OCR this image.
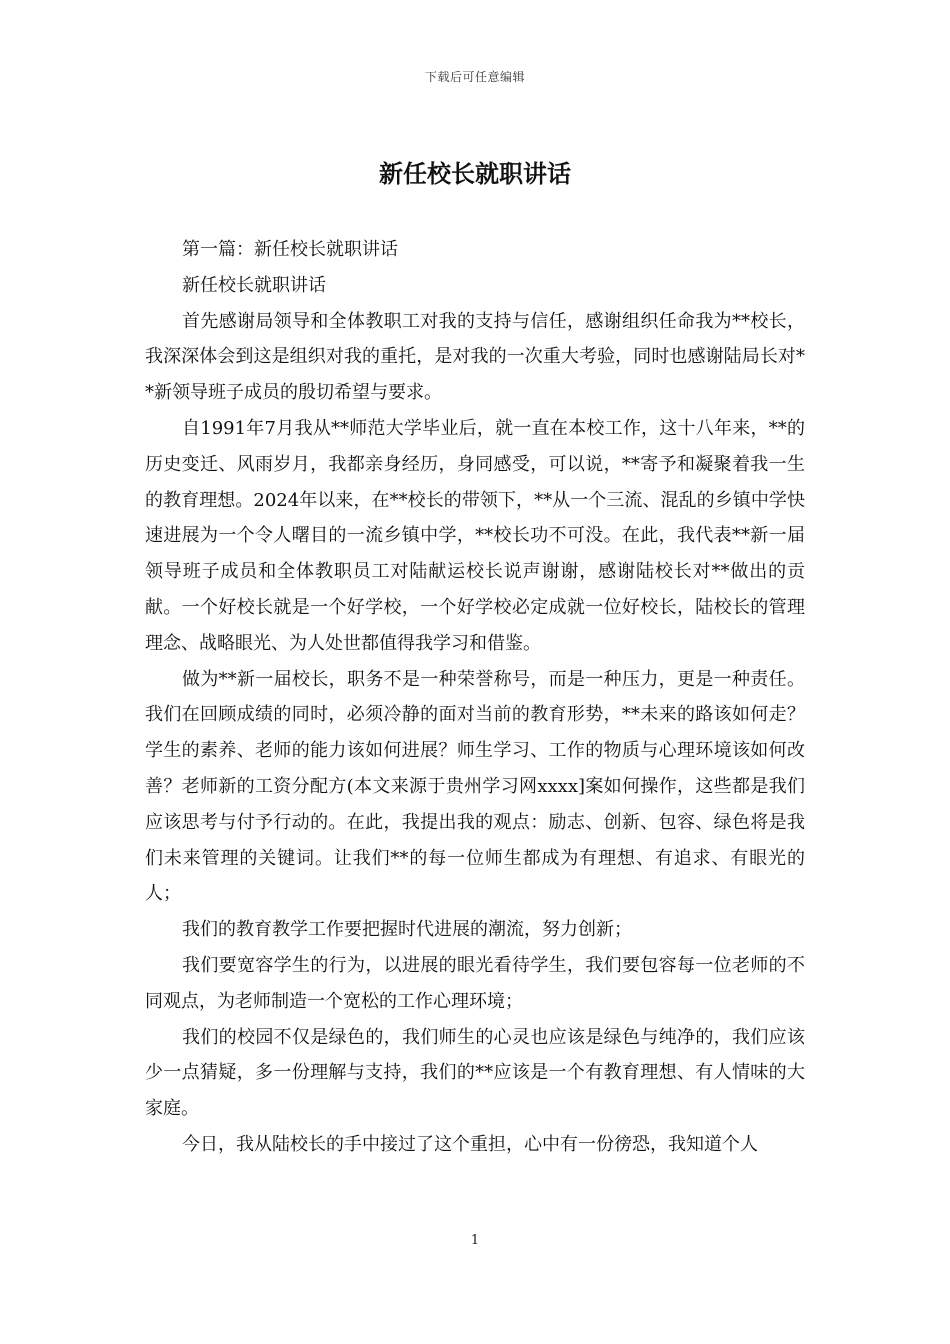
下载后可任意编辑
新任校长就职讲话

第一篇：新任校长就职讲话

新任校长就职讲话

首先感谢局领导和全体教职工对我的支持与信任，感谢组织任命我为**校长，我深深体会到这是组织对我的重托，是对我的一次重大考验，同时也感谢陆局长对**新领导班子成员的殷切希望与要求。

自1991年7月我从**师范大学毕业后，就一直在本校工作，这十八年来，**的历史变迁、风雨岁月，我都亲身经历，身同感受，可以说，**寄予和凝聚着我一生的教育理想。2024年以来，在**校长的带领下，**从一个三流、混乱的乡镇中学快速进展为一个令人曙目的一流乡镇中学，**校长功不可没。在此，我代表**新一届领导班子成员和全体教职员工对陆献运校长说声谢谢，感谢陆校长对**做出的贡献。一个好校长就是一个好学校，一个好学校必定成就一位好校长，陆校长的管理理念、战略眼光、为人处世都值得我学习和借鉴。

做为**新一届校长，职务不是一种荣誉称号，而是一种压力，更是一种责任。我们在回顾成绩的同时，必须冷静的面对当前的教育形势，**未来的路该如何走？学生的素养、老师的能力该如何进展？师生学习、工作的物质与心理环境该如何改善？老师新的工资分配方(本文来源于贵州学习网xxxx]案如何操作，这些都是我们应该思考与付予行动的。在此，我提出我的观点：励志、创新、包容、绿色将是我们未来管理的关键词。让我们**的每一位师生都成为有理想、有追求、有眼光的人；

我们的教育教学工作要把握时代进展的潮流，努力创新；

我们要宽容学生的行为，以进展的眼光看待学生，我们要包容每一位老师的不同观点，为老师制造一个宽松的工作心理环境；

我们的校园不仅是绿色的，我们师生的心灵也应该是绿色与纯净的，我们应该少一点猜疑，多一份理解与支持，我们的**应该是一个有教育理想、有人情味的大家庭。

今日，我从陆校长的手中接过了这个重担，心中有一份徬恐，我知道个人

1
